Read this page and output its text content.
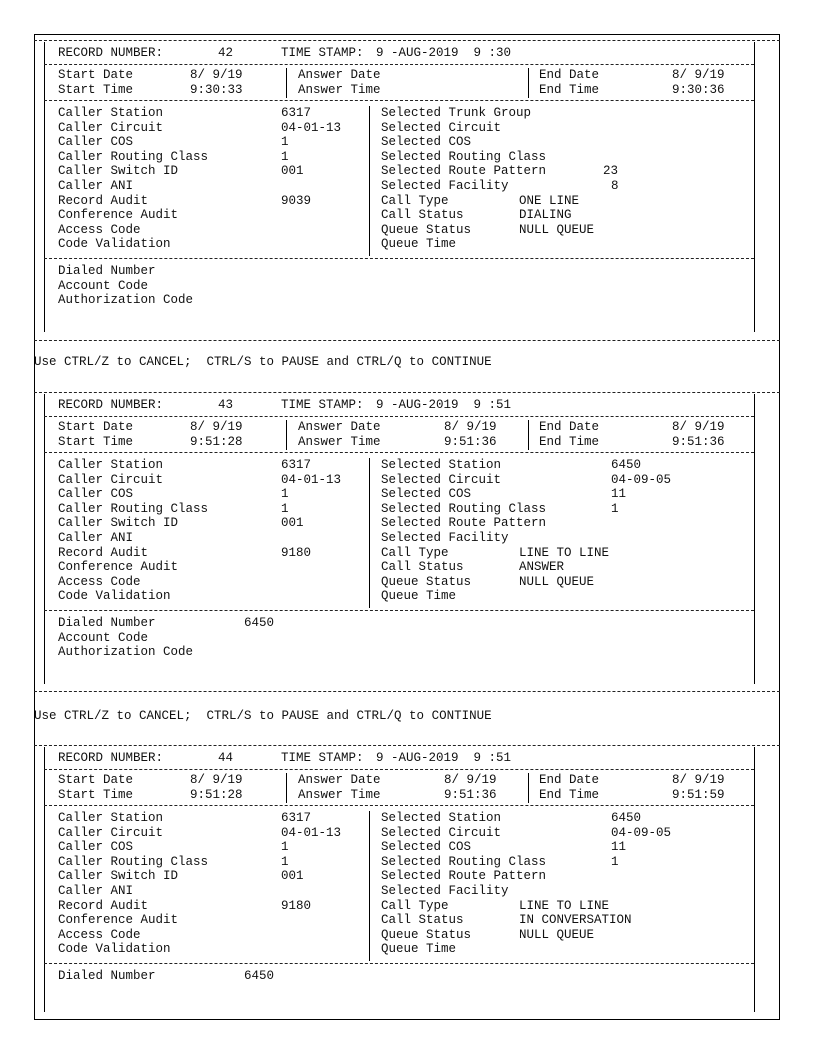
RECORD NUMBER:	42	TIME STAMP: 9 -AUG-2019  9 :30
Start Date	8/ 9/19
Start Time	9:30:33
Answer Date
Answer Time
End Date	8/ 9/19
End Time	9:30:36
Caller Station	6317
Caller Circuit	04-01-13
Caller COS	1
Caller Routing Class	1
Caller Switch ID	001
Caller ANI
Record Audit	9039
Conference Audit
Access Code
Code Validation
Selected Trunk Group
Selected Circuit
Selected COS
Selected Routing Class
Selected Route Pattern	23
Selected Facility	8
Call Type	ONE LINE
Call Status	DIALING
Queue Status	NULL QUEUE
Queue Time
Dialed Number
Account Code
Authorization Code
Use CTRL/Z to CANCEL;  CTRL/S to PAUSE and CTRL/Q to CONTINUE
RECORD NUMBER:	43	TIME STAMP: 9 -AUG-2019  9 :51
Start Date	8/ 9/19
Start Time	9:51:28
Answer Date	8/ 9/19
Answer Time	9:51:36
End Date	8/ 9/19
End Time	9:51:36
Caller Station	6317
Caller Circuit	04-01-13
Caller COS	1
Caller Routing Class	1
Caller Switch ID	001
Caller ANI
Record Audit	9180
Conference Audit
Access Code
Code Validation
Selected Station	6450
Selected Circuit	04-09-05
Selected COS	11
Selected Routing Class	1
Selected Route Pattern
Selected Facility
Call Type	LINE TO LINE
Call Status	ANSWER
Queue Status	NULL QUEUE
Queue Time
Dialed Number	6450
Account Code
Authorization Code
Use CTRL/Z to CANCEL;  CTRL/S to PAUSE and CTRL/Q to CONTINUE
RECORD NUMBER:	44	TIME STAMP: 9 -AUG-2019  9 :51
Start Date	8/ 9/19
Start Time	9:51:28
Answer Date	8/ 9/19
Answer Time	9:51:36
End Date	8/ 9/19
End Time	9:51:59
Caller Station	6317
Caller Circuit	04-01-13
Caller COS	1
Caller Routing Class	1
Caller Switch ID	001
Caller ANI
Record Audit	9180
Conference Audit
Access Code
Code Validation
Selected Station	6450
Selected Circuit	04-09-05
Selected COS	11
Selected Routing Class	1
Selected Route Pattern
Selected Facility
Call Type	LINE TO LINE
Call Status	IN CONVERSATION
Queue Status	NULL QUEUE
Queue Time
Dialed Number	6450
